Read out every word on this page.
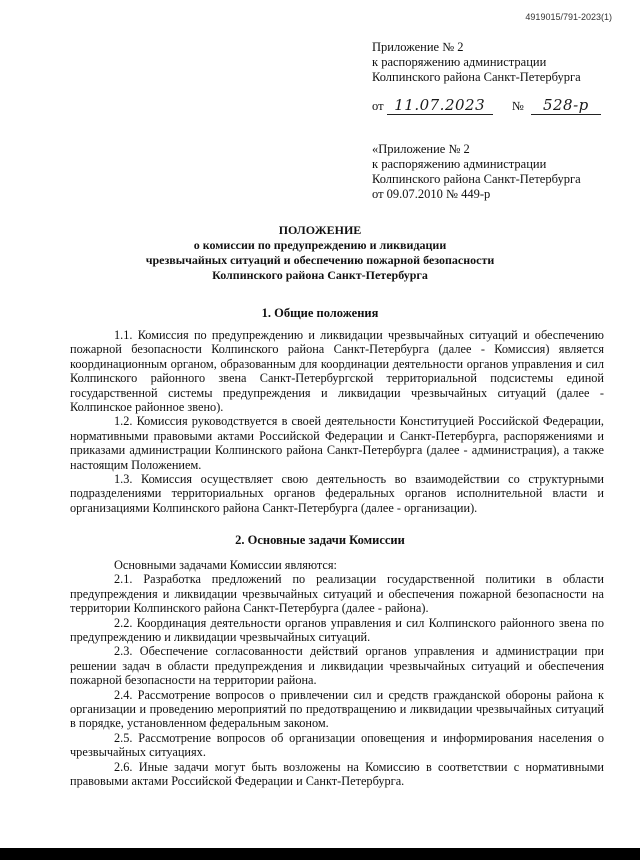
4919015/791-2023(1)
Приложение № 2
к распоряжению администрации
Колпинского района Санкт-Петербурга
от 11.07.2023 № 528-р
«Приложение № 2
к распоряжению администрации
Колпинского района Санкт-Петербурга
от 09.07.2010 № 449-р
ПОЛОЖЕНИЕ
о комиссии по предупреждению и ликвидации
чрезвычайных ситуаций и обеспечению пожарной безопасности
Колпинского района Санкт-Петербурга
1. Общие положения

1.1. Комиссия по предупреждению и ликвидации чрезвычайных ситуаций и обеспечению пожарной безопасности Колпинского района Санкт-Петербурга (далее - Комиссия) является координационным органом, образованным для координации деятельности органов управления и сил Колпинского районного звена Санкт-Петербургской территориальной подсистемы единой государственной системы предупреждения и ликвидации чрезвычайных ситуаций (далее - Колпинское районное звено).

1.2. Комиссия руководствуется в своей деятельности Конституцией Российской Федерации, нормативными правовыми актами Российской Федерации и Санкт-Петербурга, распоряжениями и приказами администрации Колпинского района Санкт-Петербурга (далее - администрация), а также настоящим Положением.

1.3. Комиссия осуществляет свою деятельность во взаимодействии со структурными подразделениями территориальных органов федеральных органов исполнительной власти и организациями Колпинского района Санкт-Петербурга (далее - организации).

2. Основные задачи Комиссии

Основными задачами Комиссии являются:

2.1. Разработка предложений по реализации государственной политики в области предупреждения и ликвидации чрезвычайных ситуаций и обеспечения пожарной безопасности на территории Колпинского района Санкт-Петербурга (далее - района).

2.2. Координация деятельности органов управления и сил Колпинского районного звена по предупреждению и ликвидации чрезвычайных ситуаций.

2.3. Обеспечение согласованности действий органов управления и администрации при решении задач в области предупреждения и ликвидации чрезвычайных ситуаций и обеспечения пожарной безопасности на территории района.

2.4. Рассмотрение вопросов о привлечении сил и средств гражданской обороны района к организации и проведению мероприятий по предотвращению и ликвидации чрезвычайных ситуаций в порядке, установленном федеральным законом.

2.5. Рассмотрение вопросов об организации оповещения и информирования населения о чрезвычайных ситуациях.

2.6. Иные задачи могут быть возложены на Комиссию в соответствии с нормативными правовыми актами Российской Федерации и Санкт-Петербурга.
